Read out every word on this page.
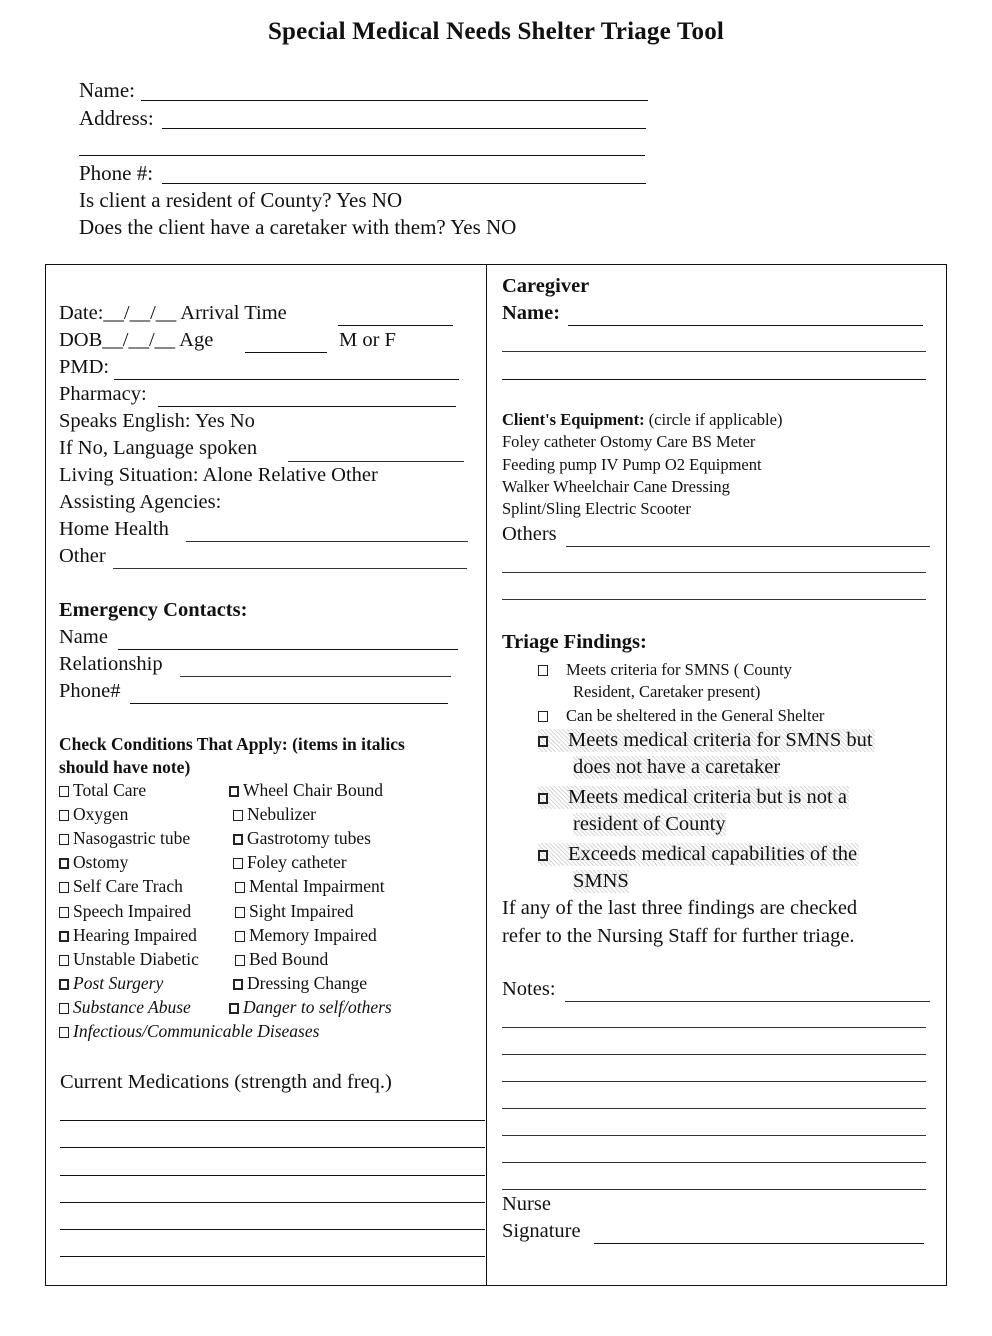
Special Medical Needs Shelter Triage Tool
Name:
Address:
Phone #:
Is client a resident of County? Yes NO
Does the client have a caretaker with them? Yes NO
Date:__/__/__ Arrival Time
DOB__/__/__ Age	M or F
PMD:
Pharmacy:
Speaks English: Yes No
If No, Language spoken
Living Situation: Alone Relative Other
Assisting Agencies:
Home Health
Other
Emergency Contacts:
Name
Relationship
Phone#
Check Conditions That Apply: (items in italics
should have note)
Total Care	Wheel Chair Bound
Oxygen	Nebulizer
Nasogastric tube	Gastrotomy tubes
Ostomy	Foley catheter
Self Care Trach	Mental Impairment
Speech Impaired	Sight Impaired
Hearing Impaired	Memory Impaired
Unstable Diabetic	Bed Bound
Post Surgery	Dressing Change
Substance Abuse	Danger to self/others
Infectious/Communicable Diseases
Current Medications (strength and freq.)
Caregiver
Name:
Client's Equipment: (circle if applicable)
Foley catheter Ostomy Care BS Meter
Feeding pump IV Pump O2 Equipment
Walker Wheelchair Cane Dressing
Splint/Sling Electric Scooter
Others
Triage Findings:
Meets criteria for SMNS ( County
Resident, Caretaker present)
Can be sheltered in the General Shelter
Meets medical criteria for SMNS but
does not have a caretaker
Meets medical criteria but is not a
resident of County
Exceeds medical capabilities of the
SMNS
If any of the last three findings are checked
refer to the Nursing Staff for further triage.
Notes:
Nurse
Signature
